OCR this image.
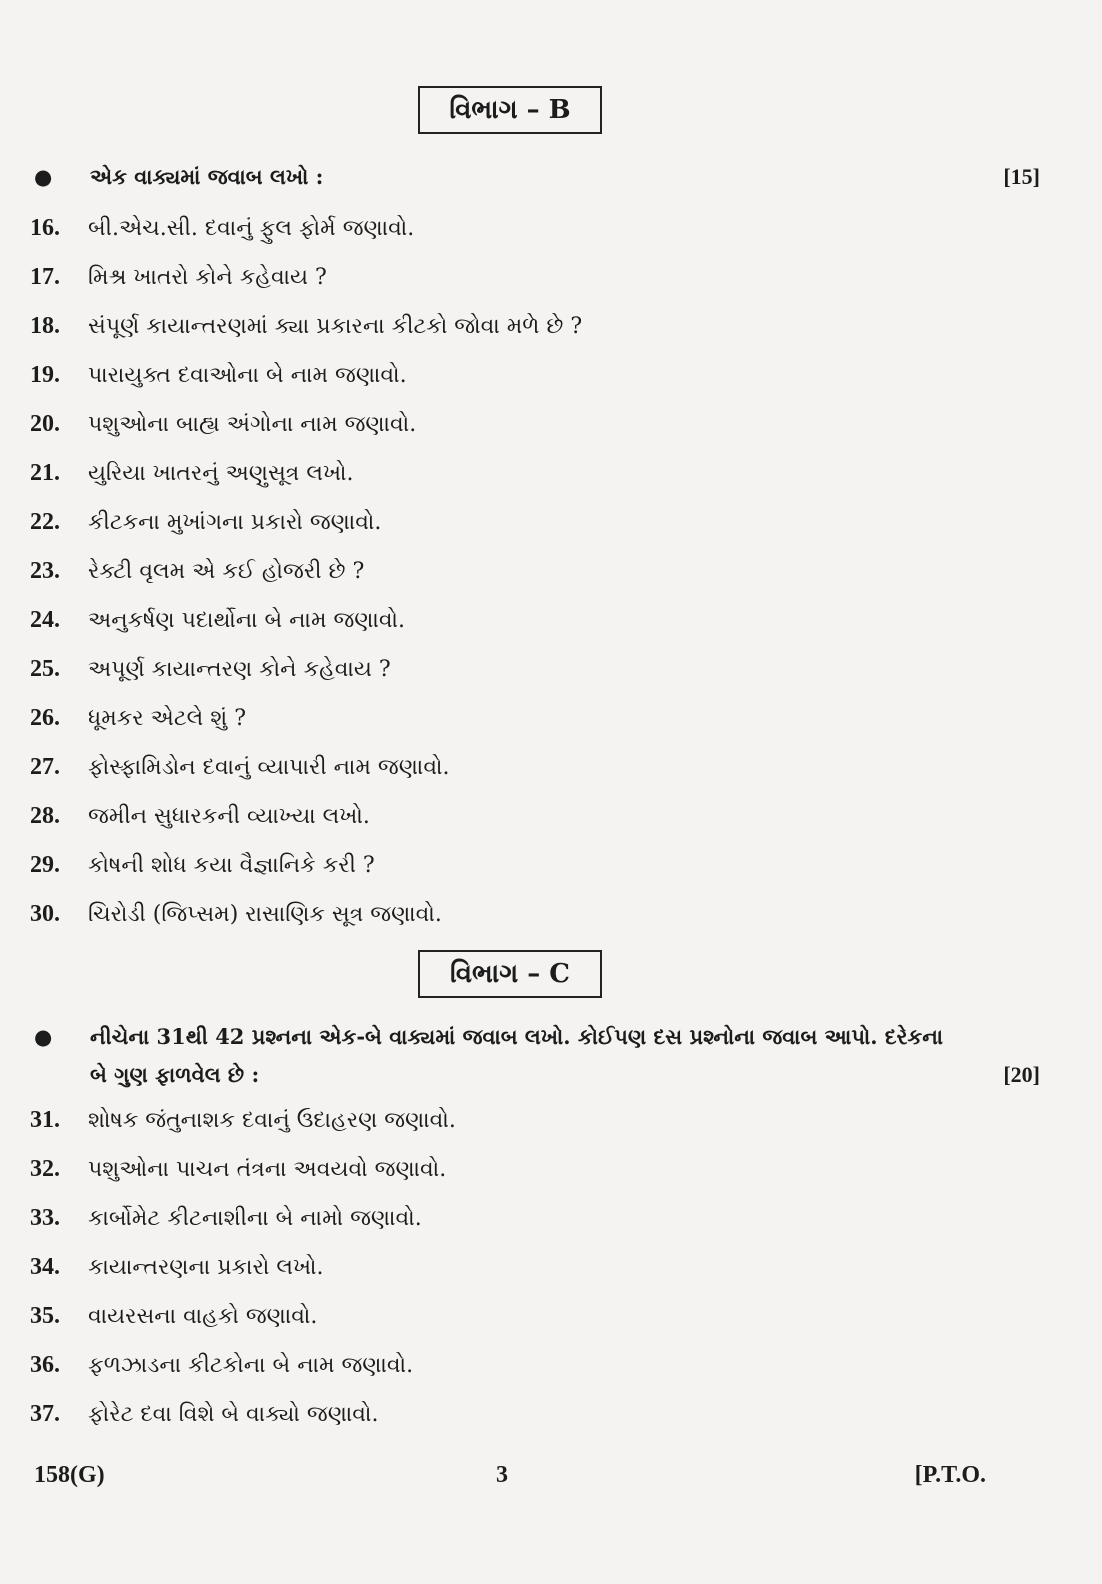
વિભાગ – B
● એક વાક્યમાં જવાબ લખો :	[15]
16. બી.એચ.સી. દવાનું ફુલ ફોર્મ જણાવો.
17. મિશ્ર ખાતરો કોને કહેવાય ?
18. સંપૂર્ણ કાયાન્તરણમાં ક્યા પ્રકારના કીટકો જોવા મળે છે ?
19. પારાયુક્ત દવાઓના બે નામ જણાવો.
20. પશુઓના બાહ્ય અંગોના નામ જણાવો.
21. યુરિયા ખાતરનું અણુસૂત્ર લખો.
22. કીટકના મુખાંગના પ્રકારો જણાવો.
23. રેક્ટી વૃલમ એ કઈ હોજરી છે ?
24. અનુકર્ષણ પદાર્થોના બે નામ જણાવો.
25. અપૂર્ણ કાયાન્તરણ કોને કહેવાય ?
26. ધૂમકર એટલે શું ?
27. ફોસ્ફામિડોન દવાનું વ્યાપારી નામ જણાવો.
28. જમીન સુધારકની વ્યાખ્યા લખો.
29. કોષની શોધ કયા વૈજ્ઞાનિકે કરી ?
30. ચિરોડી (જિપ્સમ) રાસાણિક સૂત્ર જણાવો.
વિભાગ – C
● નીચેના 31થી 42 પ્રશ્નના એક-બે વાક્યમાં જવાબ લખો. કોઈપણ દસ પ્રશ્નોના જવાબ આપો. દરેકના બે ગુણ ફાળવેલ છે :	[20]
31. શોષક જંતુનાશક દવાનું ઉદાહરણ જણાવો.
32. પશુઓના પાચન તંત્રના અવયવો જણાવો.
33. કાર્બોમેટ કીટનાશીના બે નામો જણાવો.
34. કાયાન્તરણના પ્રકારો લખો.
35. વાયરસના વાહકો જણાવો.
36. ફળઝાડના કીટકોના બે નામ જણાવો.
37. ફોરેટ દવા વિશે બે વાક્યો જણાવો.
158(G)	3	[P.T.O.
